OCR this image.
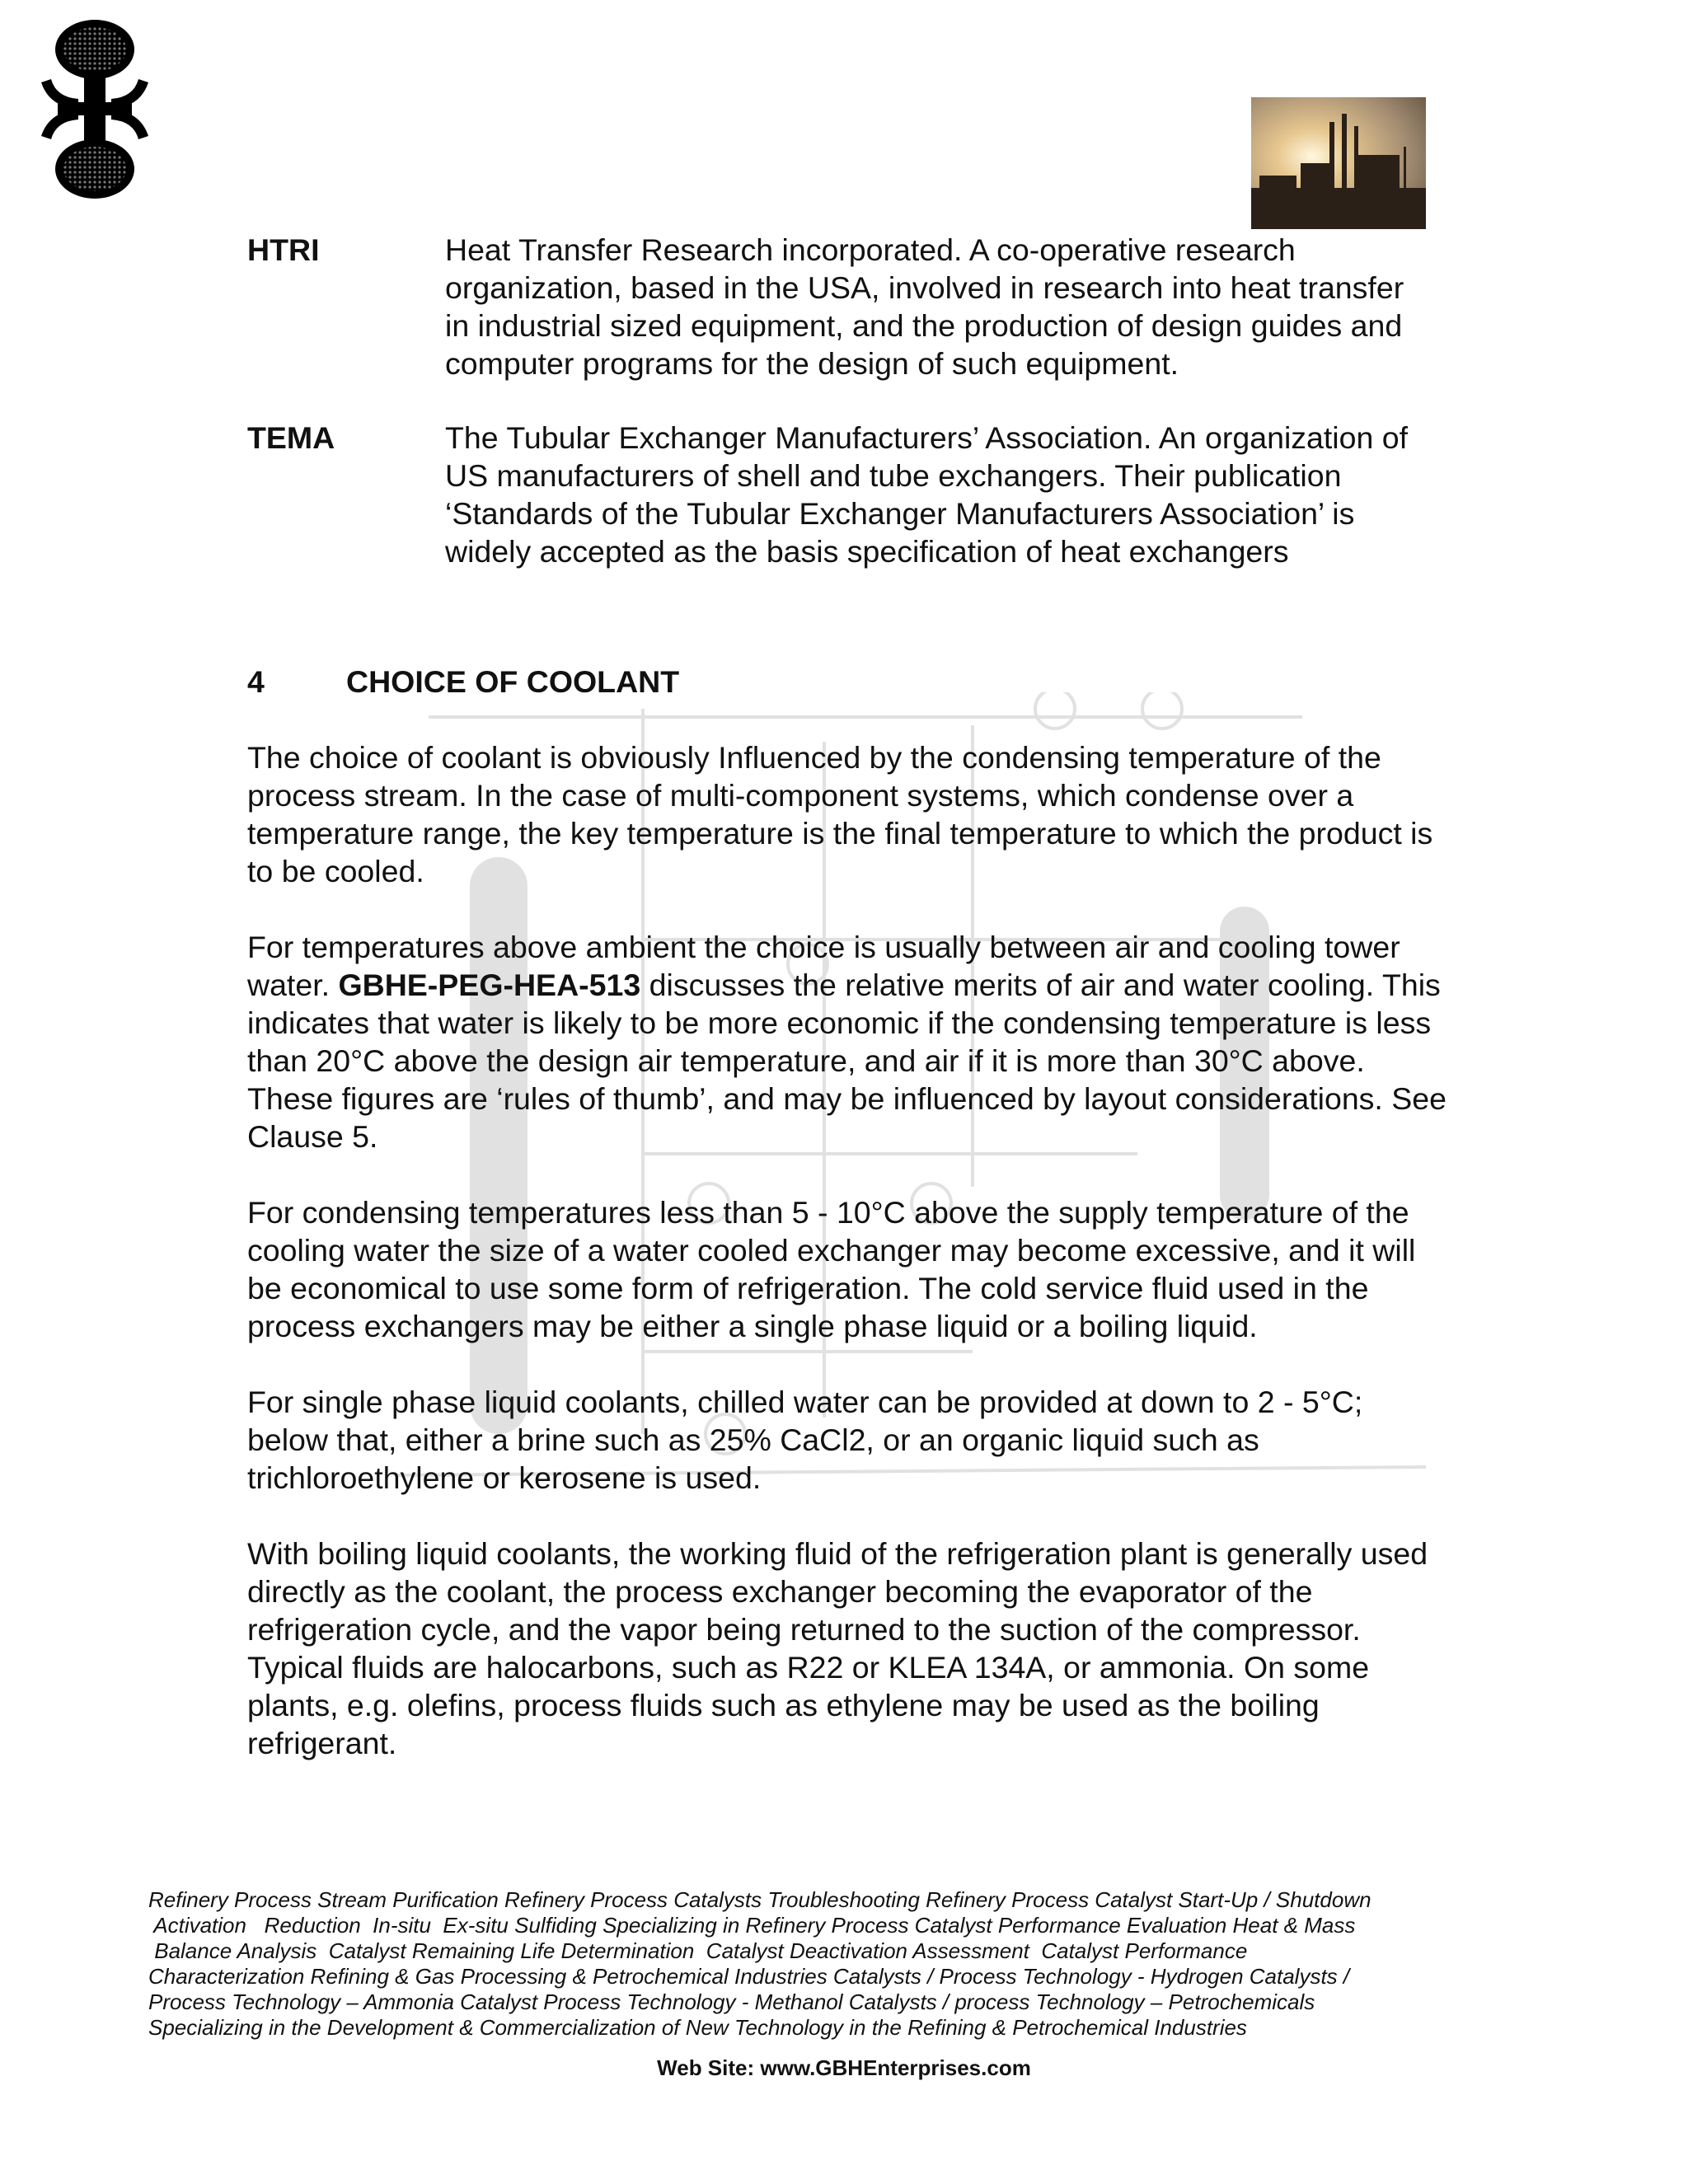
HTRI	Heat Transfer Research incorporated. A co-operative research organization, based in the USA, involved in research into heat transfer in industrial sized equipment, and the production of design guides and computer programs for the design of such equipment.
TEMA	The Tubular Exchanger Manufacturers’ Association. An organization of US manufacturers of shell and tube exchangers. Their publication ‘Standards of the Tubular Exchanger Manufacturers Association’ is widely accepted as the basis specification of heat exchangers
4	CHOICE OF COOLANT

The choice of coolant is obviously Influenced by the condensing temperature of the process stream. In the case of multi-component systems, which condense over a temperature range, the key temperature is the final temperature to which the product is to be cooled.

For temperatures above ambient the choice is usually between air and cooling tower water. GBHE-PEG-HEA-513 discusses the relative merits of air and water cooling. This indicates that water is likely to be more economic if the condensing temperature is less than 20°C above the design air temperature, and air if it is more than 30°C above. These figures are ‘rules of thumb’, and may be influenced by layout considerations. See Clause 5.

For condensing temperatures less than 5 - 10°C above the supply temperature of the cooling water the size of a water cooled exchanger may become excessive, and it will be economical to use some form of refrigeration. The cold service fluid used in the process exchangers may be either a single phase liquid or a boiling liquid.

For single phase liquid coolants, chilled water can be provided at down to 2 - 5°C; below that, either a brine such as 25% CaCl2, or an organic liquid such as trichloroethylene or kerosene is used.

With boiling liquid coolants, the working fluid of the refrigeration plant is generally used directly as the coolant, the process exchanger becoming the evaporator of the refrigeration cycle, and the vapor being returned to the suction of the compressor. Typical fluids are halocarbons, such as R22 or KLEA 134A, or ammonia. On some plants, e.g. olefins, process fluids such as ethylene may be used as the boiling refrigerant.

Refinery Process Stream Purification Refinery Process Catalysts Troubleshooting Refinery Process Catalyst Start-Up / Shutdown
Activation   Reduction  In-situ  Ex-situ Sulfiding Specializing in Refinery Process Catalyst Performance Evaluation Heat & Mass
Balance Analysis  Catalyst Remaining Life Determination  Catalyst Deactivation Assessment  Catalyst Performance
Characterization Refining & Gas Processing & Petrochemical Industries Catalysts / Process Technology - Hydrogen Catalysts /
Process Technology – Ammonia Catalyst Process Technology - Methanol Catalysts / process Technology – Petrochemicals
Specializing in the Development & Commercialization of New Technology in the Refining & Petrochemical Industries
Web Site: www.GBHEnterprises.com
